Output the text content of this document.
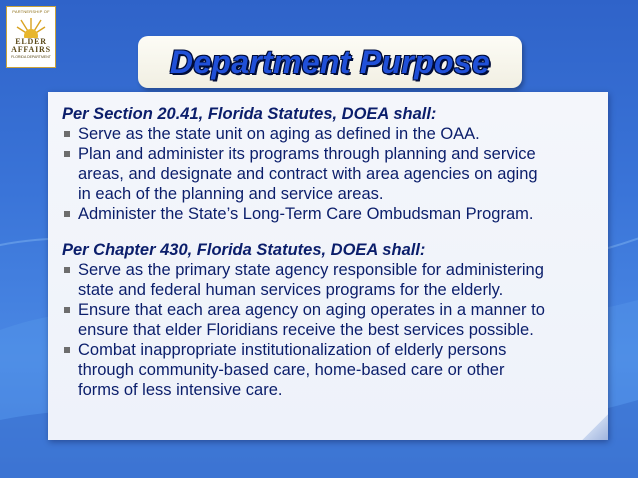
PARTNERSHIP OF
ELDER
AFFAIRS
FLORIDA DEPARTMENT	Department Purpose
Per Section 20.41, Florida Statutes, DOEA shall:
Serve as the state unit on aging as defined in the OAA.
Plan and administer its programs through planning and service
areas, and designate and contract with area agencies on aging
in each of the planning and service areas.
Administer the State’s Long-Term Care Ombudsman Program.
Per Chapter 430, Florida Statutes, DOEA shall:
Serve as the primary state agency responsible for administering
state and federal human services programs for the elderly.
Ensure that each area agency on aging operates in a manner to
ensure that elder Floridians receive the best services possible.
Combat inappropriate institutionalization of elderly persons
through community-based care, home-based care or other
forms of less intensive care.
